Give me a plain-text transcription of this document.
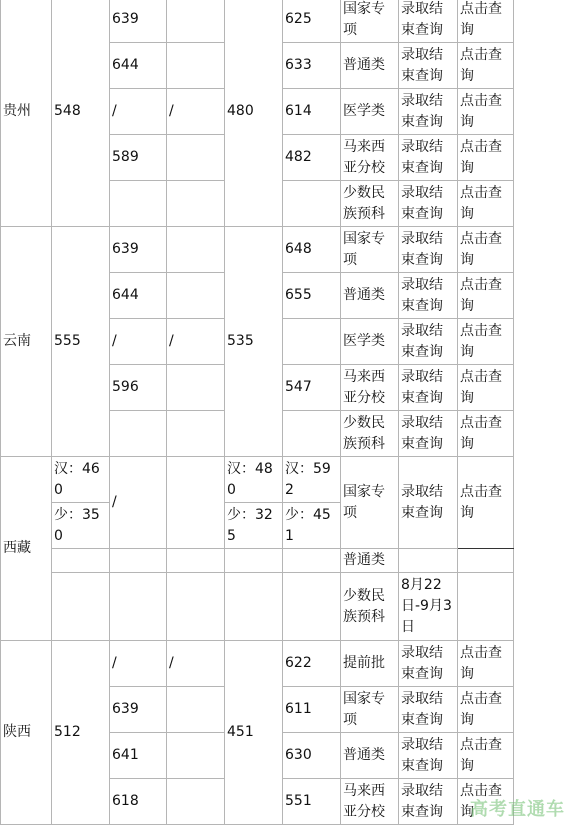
贵州	548	639		480	625	国家专项	录取结束查询	点击查询
		644			633	普通类	录取结束查询	点击查询
		/	/		614	医学类	录取结束查询	点击查询
		589			482	马来西亚分校	录取结束查询	点击查询
						少数民族预科	录取结束查询	点击查询
云南	555	639		535	648	国家专项	录取结束查询	点击查询
		644			655	普通类	录取结束查询	点击查询
		/	/			医学类	录取结束查询	点击查询
		596			547	马来西亚分校	录取结束查询	点击查询
						少数民族预科	录取结束查询	点击查询
西藏	汉：460	/		汉：480	汉：592	国家专项	录取结束查询	点击查询
	少：350			少：325	少：451			
						普通类		
						少数民族预科	8月22日-9月3日	
陕西	512	/	/	451	622	提前批	录取结束查询	点击查询
		639			611	国家专项	录取结束查询	点击查询
		641			630	普通类	录取结束查询	点击查询
		618			551	马来西亚分校	录取结束查询	点击查询
高考直通车
